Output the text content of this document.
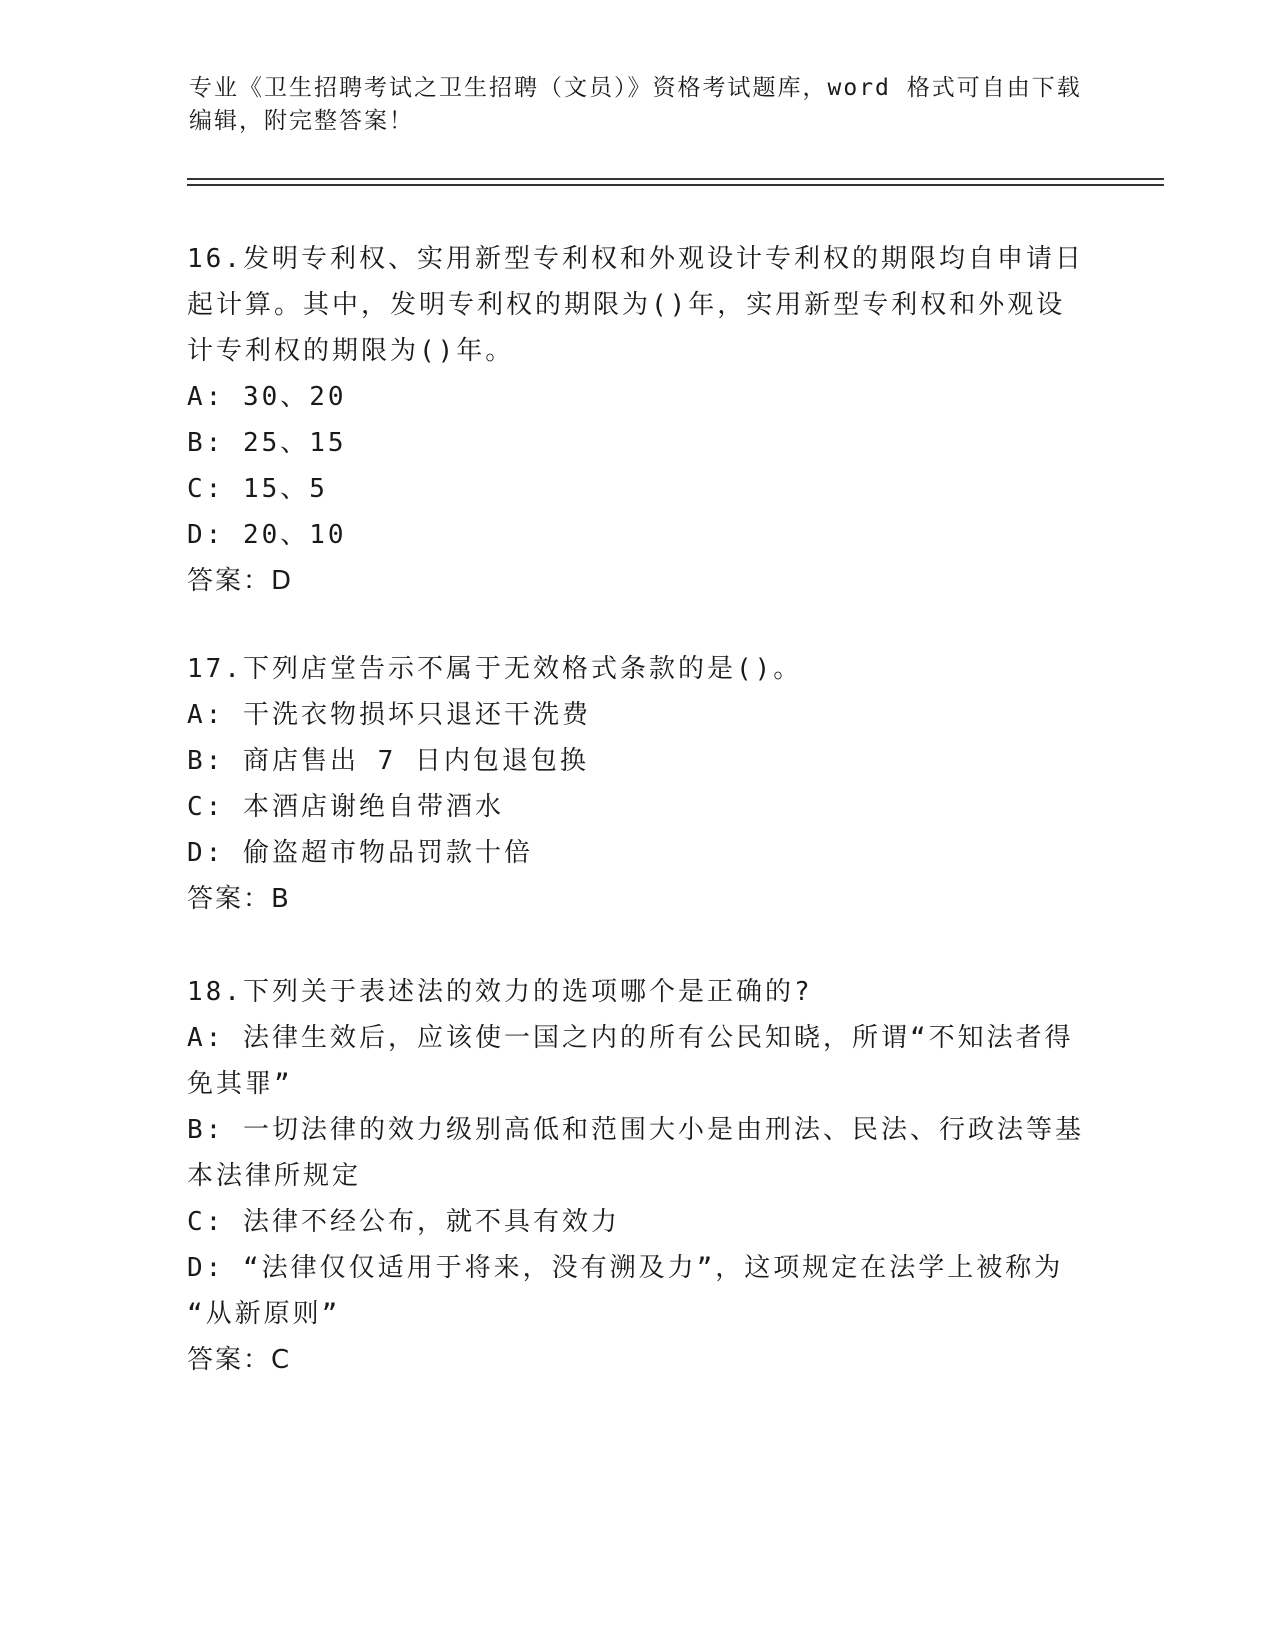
专业《卫生招聘考试之卫生招聘（文员）》资格考试题库，word 格式可自由下载
编辑，附完整答案！
16.发明专利权、实用新型专利权和外观设计专利权的期限均自申请日
起计算。其中，发明专利权的期限为()年，实用新型专利权和外观设
计专利权的期限为()年。
A: 30、20
B: 25、15
C: 15、5
D: 20、10
答案：D
17.下列店堂告示不属于无效格式条款的是()。
A: 干洗衣物损坏只退还干洗费
B: 商店售出 7 日内包退包换
C: 本酒店谢绝自带酒水
D: 偷盗超市物品罚款十倍
答案：B
18.下列关于表述法的效力的选项哪个是正确的?
A: 法律生效后，应该使一国之内的所有公民知晓，所谓“不知法者得
免其罪”
B: 一切法律的效力级别高低和范围大小是由刑法、民法、行政法等基
本法律所规定
C: 法律不经公布，就不具有效力
D: “法律仅仅适用于将来，没有溯及力”，这项规定在法学上被称为
“从新原则”
答案：C
